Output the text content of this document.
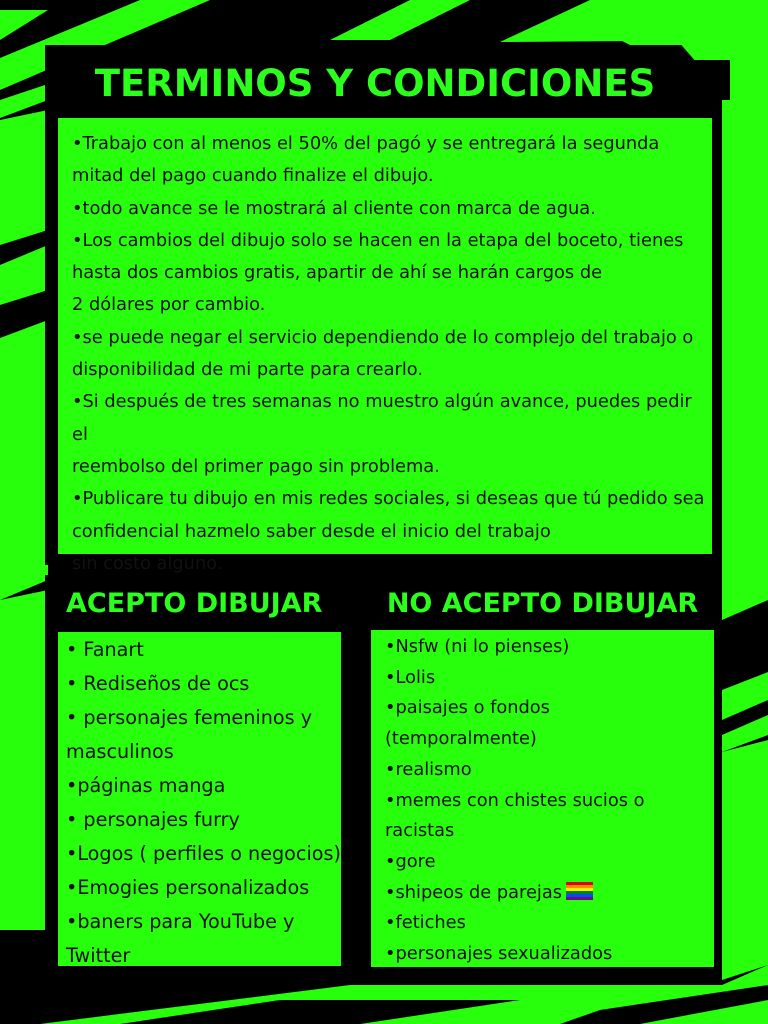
TERMINOS Y CONDICIONES
•Trabajo con al menos el 50% del pagó y se entregará la segunda
mitad del pago cuando finalize el dibujo.
•todo avance se le mostrará al cliente con marca de agua.
•Los cambios del dibujo solo se hacen en la etapa del boceto, tienes
hasta dos cambios gratis, apartir de ahí se harán cargos de
2 dólares por cambio.
•se puede negar el servicio dependiendo de lo complejo del trabajo o
disponibilidad de mi parte para crearlo.
•Si después de tres semanas no muestro algún avance, puedes pedir el
reembolso del primer pago sin problema.
•Publicare tu dibujo en mis redes sociales, si deseas que tú pedido sea
confidencial hazmelo saber desde el inicio del trabajo
sin costo alguno.
ACEPTO DIBUJAR
• Fanart
• Rediseños de ocs
• personajes femeninos y
masculinos
•páginas manga
• personajes furry
•Logos ( perfiles o negocios)
•Emogies personalizados
•baners para YouTube y
Twitter
NO ACEPTO DIBUJAR
•Nsfw (ni lo pienses)
•Lolis
•paisajes o fondos
(temporalmente)
•realismo
•memes con chistes sucios o
racistas
•gore
•shipeos de parejas
•fetiches
•personajes sexualizados
